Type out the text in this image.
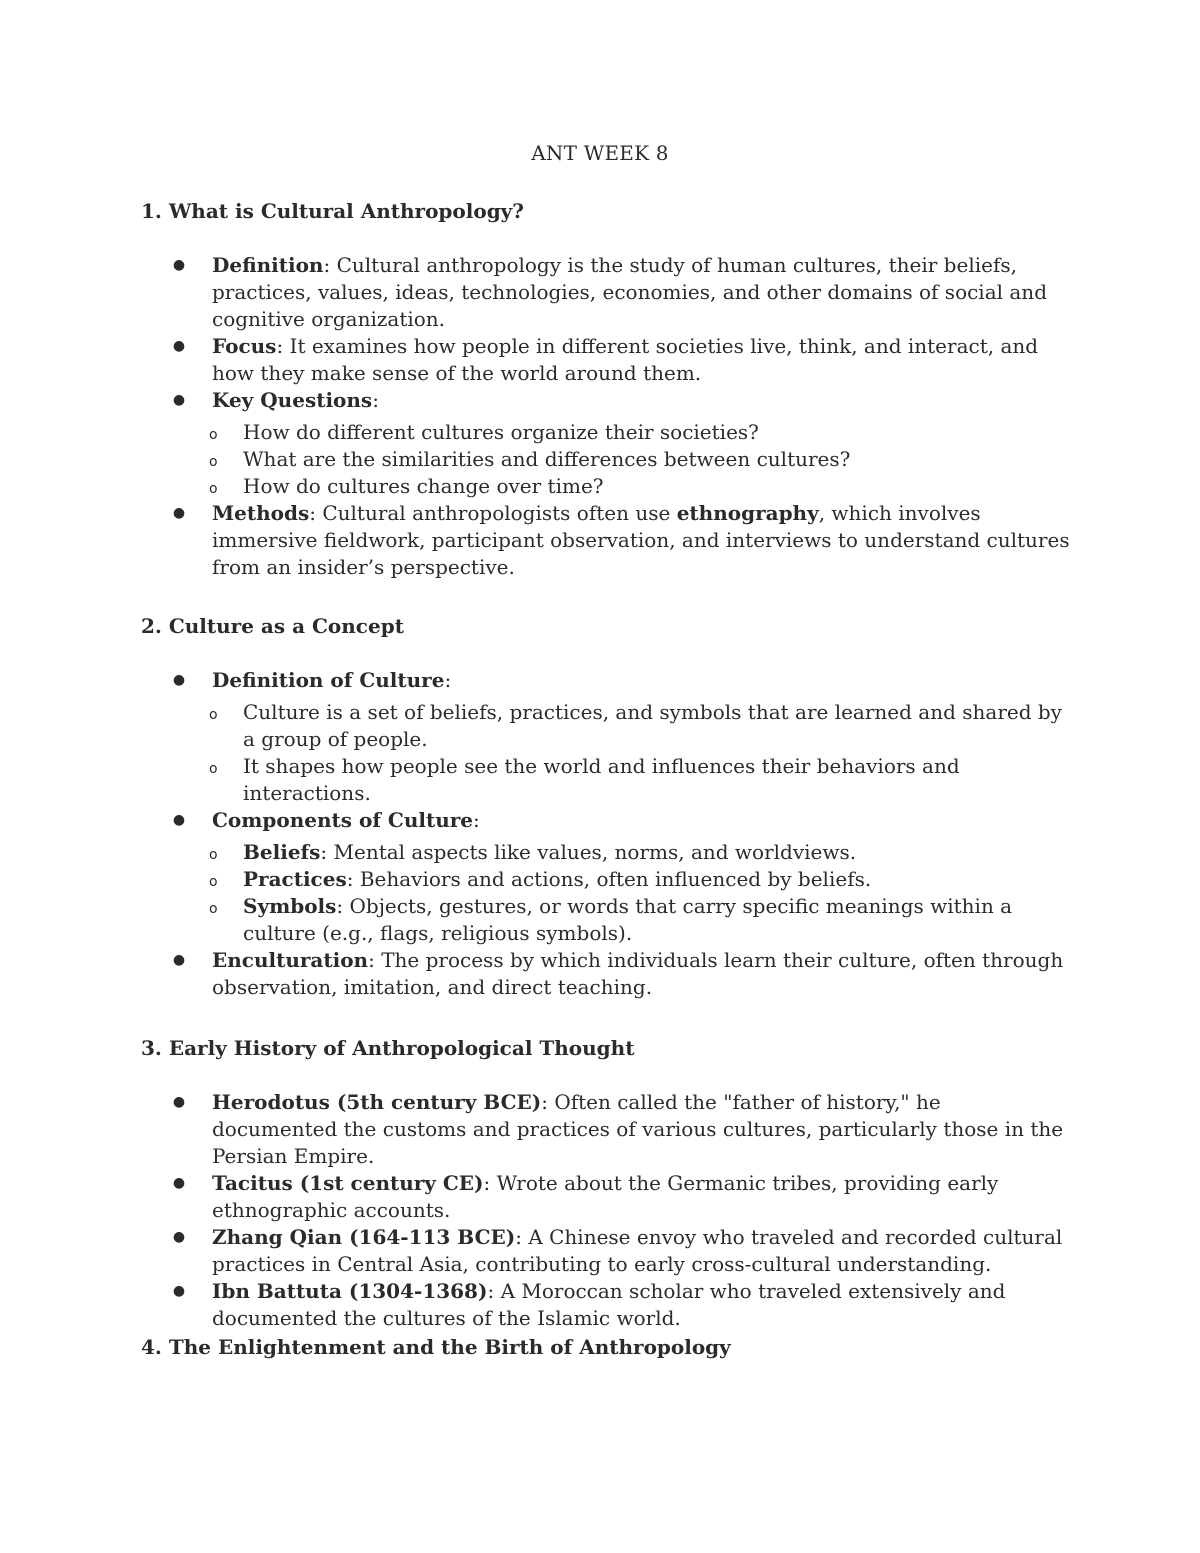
ANT WEEK 8
1. What is Cultural Anthropology?
● Definition: Cultural anthropology is the study of human cultures, their beliefs, practices, values, ideas, technologies, economies, and other domains of social and cognitive organization.
● Focus: It examines how people in different societies live, think, and interact, and how they make sense of the world around them.
● Key Questions:
o How do different cultures organize their societies?
o What are the similarities and differences between cultures?
o How do cultures change over time?
● Methods: Cultural anthropologists often use ethnography, which involves immersive fieldwork, participant observation, and interviews to understand cultures from an insider’s perspective.
2. Culture as a Concept
● Definition of Culture:
o Culture is a set of beliefs, practices, and symbols that are learned and shared by a group of people.
o It shapes how people see the world and influences their behaviors and interactions.
● Components of Culture:
o Beliefs: Mental aspects like values, norms, and worldviews.
o Practices: Behaviors and actions, often influenced by beliefs.
o Symbols: Objects, gestures, or words that carry specific meanings within a culture (e.g., flags, religious symbols).
● Enculturation: The process by which individuals learn their culture, often through observation, imitation, and direct teaching.
3. Early History of Anthropological Thought
● Herodotus (5th century BCE): Often called the "father of history," he documented the customs and practices of various cultures, particularly those in the Persian Empire.
● Tacitus (1st century CE): Wrote about the Germanic tribes, providing early ethnographic accounts.
● Zhang Qian (164-113 BCE): A Chinese envoy who traveled and recorded cultural practices in Central Asia, contributing to early cross-cultural understanding.
● Ibn Battuta (1304-1368): A Moroccan scholar who traveled extensively and documented the cultures of the Islamic world.
4. The Enlightenment and the Birth of Anthropology
